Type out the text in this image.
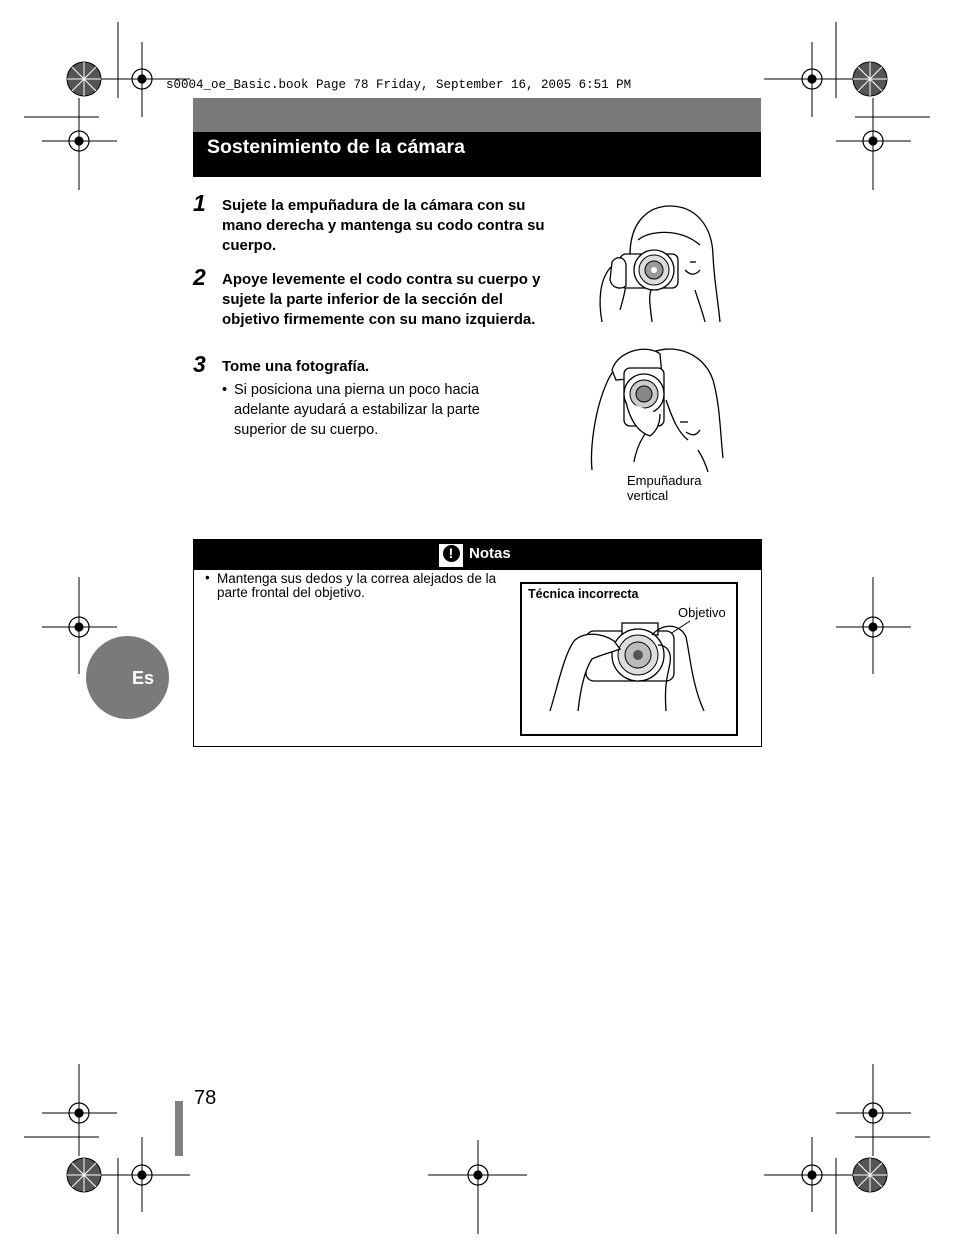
s0004_oe_Basic.book Page 78 Friday, September 16, 2005 6:51 PM
Sostenimiento de la cámara
1 Sujete la empuñadura de la cámara con su mano derecha y mantenga su codo contra su cuerpo.
2 Apoye levemente el codo contra su cuerpo y sujete la parte inferior de la sección del objetivo firmemente con su mano izquierda.
3 Tome una fotografía.
• Si posiciona una pierna un poco hacia adelante ayudará a estabilizar la parte superior de su cuerpo.
Empuñadura vertical
!	Notas
• Mantenga sus dedos y la correa alejados de la parte frontal del objetivo.	Técnica incorrecta
Objetivo
Es
78
